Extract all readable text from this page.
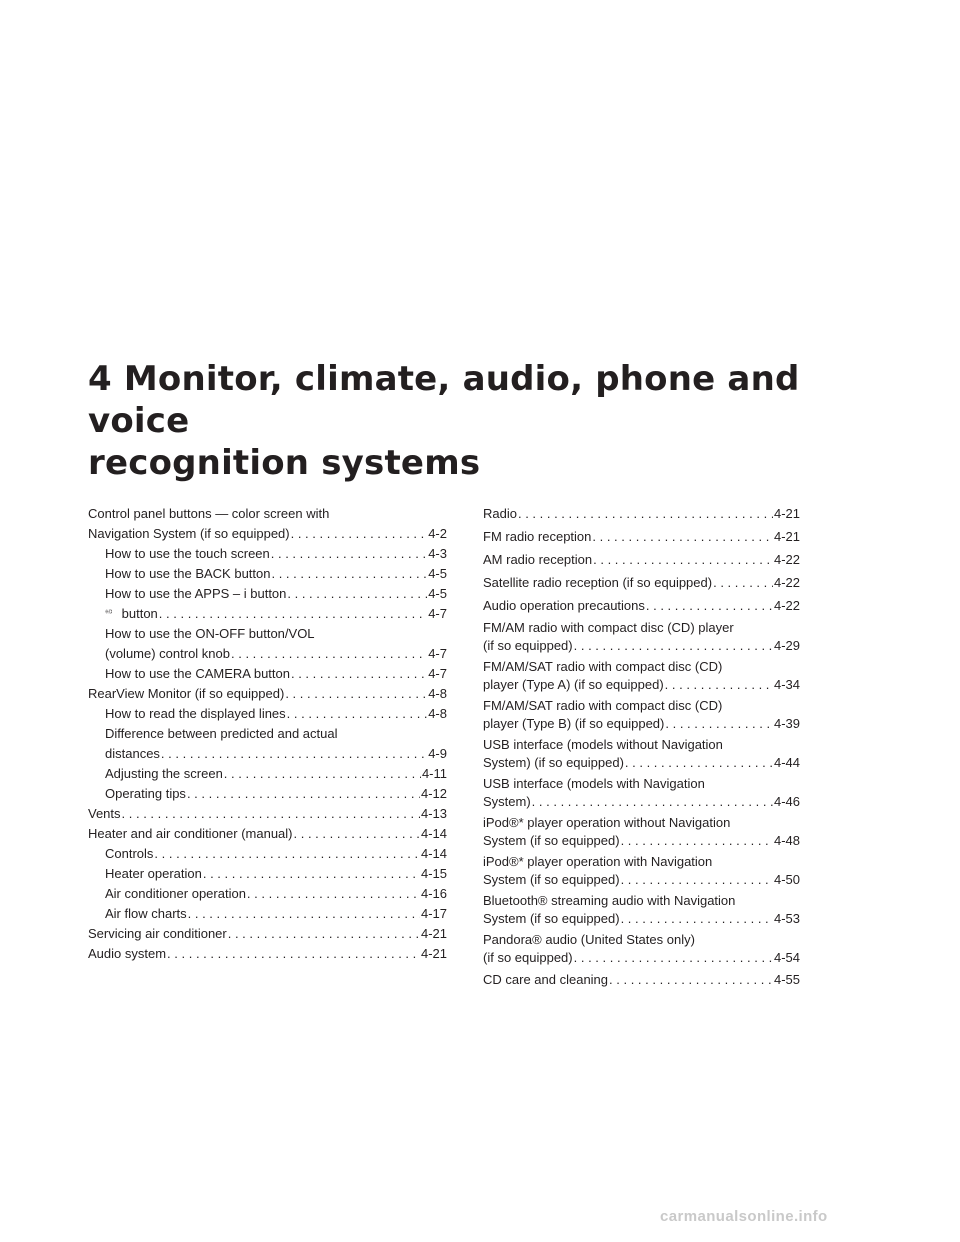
4 Monitor, climate, audio, phone and voice
recognition systems
Control panel buttons — color screen with
Navigation System (if so equipped) . . .	4-2
How to use the touch screen . . .	4-3
How to use the BACK button . . .	4-5
How to use the APPS – i button . . .	4-5
button . . .	4-7
How to use the ON-OFF button/VOL
(volume) control knob . . .	4-7
How to use the CAMERA button . . .	4-7
RearView Monitor (if so equipped) . . .	4-8
How to read the displayed lines . . .	4-8
Difference between predicted and actual
distances . . .	4-9
Adjusting the screen . . .	4-11
Operating tips . . .	4-12
Vents . . .	4-13
Heater and air conditioner (manual) . . .	4-14
Controls . . .	4-14
Heater operation . . .	4-15
Air conditioner operation . . .	4-16
Air flow charts . . .	4-17
Servicing air conditioner . . .	4-21
Audio system . . .	4-21
Radio . . .	4-21
FM radio reception . . .	4-21
AM radio reception . . .	4-22
Satellite radio reception (if so equipped) . . .	4-22
Audio operation precautions . . .	4-22
FM/AM radio with compact disc (CD) player
(if so equipped) . . .	4-29
FM/AM/SAT radio with compact disc (CD)
player (Type A) (if so equipped) . . .	4-34
FM/AM/SAT radio with compact disc (CD)
player (Type B) (if so equipped) . . .	4-39
USB interface (models without Navigation
System) (if so equipped) . . .	4-44
USB interface (models with Navigation
System) . . .	4-46
iPod®* player operation without Navigation
System (if so equipped) . . .	4-48
iPod®* player operation with Navigation
System (if so equipped) . . .	4-50
Bluetooth® streaming audio with Navigation
System (if so equipped) . . .	4-53
Pandora® audio (United States only)
(if so equipped) . . .	4-54
CD care and cleaning . . .	4-55
carmanualsonline.info
